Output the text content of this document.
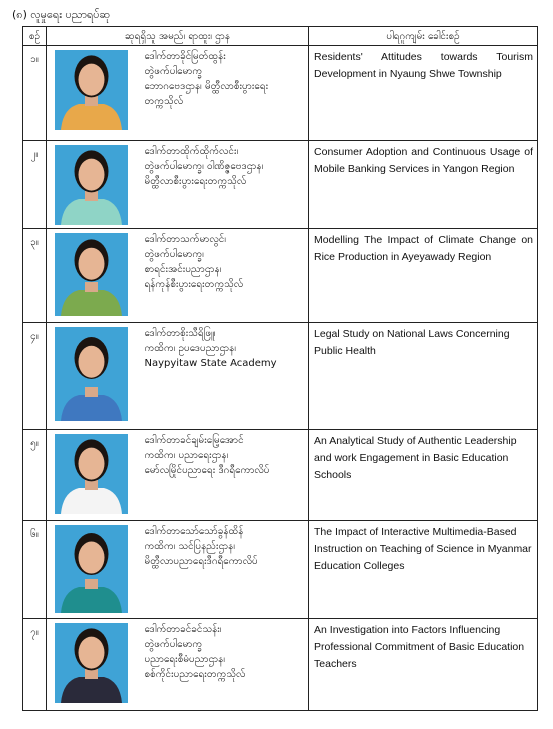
(၈) လူမှုရေး ပညာရပ်ဆု
စဉ်	ဆုရရှိသူ အမည်၊ ရာထူး၊ ဌာန		ပါရဂူကျမ်း ခေါင်းစဉ်
၁။		ဒေါက်တာခိုင်မြတ်ထွန်း
တွဲဖက်ပါမောက္ခ
ဘောဂဗေဒဌာန၊ မိတ္ထီလာစီးပွားရေး
တက္ကသိုလ်	Residents' Attitudes towards Tourism Development in Nyaung Shwe Township
၂။		ဒေါက်တာထိုက်ထိုက်လင်း၊
တွဲဖက်ပါမောက္ခ၊ ဝါဏိဇ္ဇဗေဒဌာန၊
မိတ္ထီလာစီးပွားရေးတက္ကသိုလ်	Consumer Adoption and Continuous Usage of Mobile Banking Services in Yangon Region
၃။		ဒေါက်တာသက်မာလွင်၊
တွဲဖက်ပါမောက္ခ၊
စာရင်းအင်းပညာဌာန၊
ရန်ကုန်စီးပွားရေးတက္ကသိုလ်	Modelling The Impact of Climate Change on Rice Production in Ayeyawady Region
၄။		ဒေါက်တာစိုးသီရိဖြူ၊
ကထိက၊ ဥပဒေပညာဌာန၊
Naypyitaw State Academy	Legal Study on National Laws Concerning Public Health
၅။		ဒေါက်တာခင်ချမ်းမြေ့အောင်
ကထိက၊ ပညာရေးဌာန၊
မော်လမြိုင်ပညာရေး ဒီဂရီကောလိပ်	An Analytical Study of Authentic Leadership and work Engagement in Basic Education Schools
၆။		ဒေါက်တာသော်သော်ခွန်ထိန်
ကထိက၊ သင်ပြနည်းဌာန၊
မိတ္ထီလာပညာရေးဒီဂရီကောလိပ်	The Impact of Interactive Multimedia-Based Instruction on Teaching of Science in Myanmar Education Colleges
၇။		ဒေါက်တာခင်ခင်သန်း၊
တွဲဖက်ပါမောက္ခ
ပညာရေးစီမံပညာဌာန၊
စစ်ကိုင်းပညာရေးတက္ကသိုလ်	An Investigation into Factors Influencing Professional Commitment of Basic Education Teachers
